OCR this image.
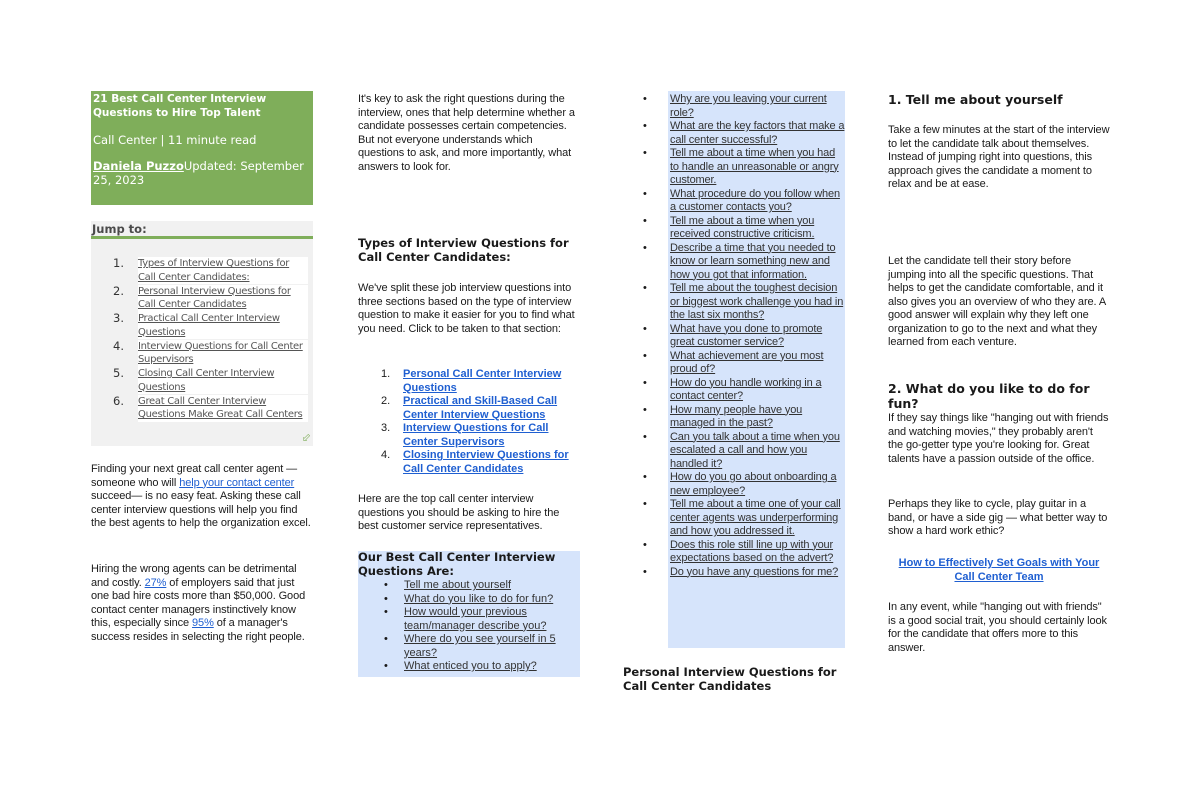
21 Best Call Center Interview Questions to Hire Top Talent
Call Center | 11 minute read
Daniela PuzzoUpdated: September 25, 2023
Jump to:
1. Types of Interview Questions for Call Center Candidates:
2. Personal Interview Questions for Call Center Candidates
3. Practical Call Center Interview Questions
4. Interview Questions for Call Center Supervisors
5. Closing Call Center Interview Questions
6. Great Call Center Interview Questions Make Great Call Centers
⬃

Finding your next great call center agent — someone who will help your contact center succeed— is no easy feat. Asking these call center interview questions will help you find the best agents to help the organization excel.

Hiring the wrong agents can be detrimental and costly. 27% of employers said that just one bad hire costs more than $50,000. Good contact center managers instinctively know this, especially since 95% of a manager's success resides in selecting the right people.

It's key to ask the right questions during the interview, ones that help determine whether a candidate possesses certain competencies. But not everyone understands which questions to ask, and more importantly, what answers to look for.

Types of Interview Questions for Call Center Candidates:

We've split these job interview questions into three sections based on the type of interview question to make it easier for you to find what you need. Click to be taken to that section:

1. Personal Call Center Interview Questions
2. Practical and Skill-Based Call Center Interview Questions
3. Interview Questions for Call Center Supervisors
4. Closing Interview Questions for Call Center Candidates

Here are the top call center interview questions you should be asking to hire the best customer service representatives.

Our Best Call Center Interview Questions Are:
• Tell me about yourself
• What do you like to do for fun?
• How would your previous team/manager describe you?
• Where do you see yourself in 5 years?
• What enticed you to apply?
• Why are you leaving your current role?
• What are the key factors that make a call center successful?
• Tell me about a time when you had to handle an unreasonable or angry customer.
• What procedure do you follow when a customer contacts you?
• Tell me about a time when you received constructive criticism.
• Describe a time that you needed to know or learn something new and how you got that information.
• Tell me about the toughest decision or biggest work challenge you had in the last six months?
• What have you done to promote great customer service?
• What achievement are you most proud of?
• How do you handle working in a contact center?
• How many people have you managed in the past?
• Can you talk about a time when you escalated a call and how you handled it?
• How do you go about onboarding a new employee?
• Tell me about a time one of your call center agents was underperforming and how you addressed it.
• Does this role still line up with your expectations based on the advert?
• Do you have any questions for me?
Personal Interview Questions for Call Center Candidates
1. Tell me about yourself

Take a few minutes at the start of the interview to let the candidate talk about themselves. Instead of jumping right into questions, this approach gives the candidate a moment to relax and be at ease.

Let the candidate tell their story before jumping into all the specific questions. That helps to get the candidate comfortable, and it also gives you an overview of who they are. A good answer will explain why they left one organization to go to the next and what they learned from each venture.

2. What do you like to do for fun?

If they say things like "hanging out with friends and watching movies," they probably aren't the go-getter type you're looking for. Great talents have a passion outside of the office.

Perhaps they like to cycle, play guitar in a band, or have a side gig — what better way to show a hard work ethic?

How to Effectively Set Goals with Your Call Center Team

In any event, while "hanging out with friends" is a good social trait, you should certainly look for the candidate that offers more to this answer.
